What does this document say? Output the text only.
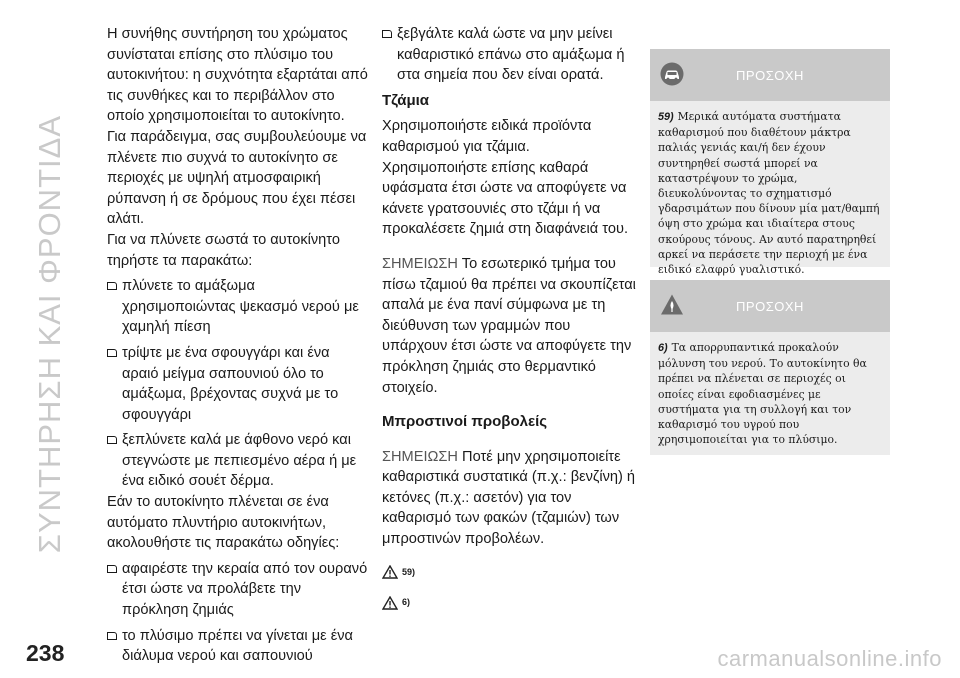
ΣΥΝΤΗΡΗΣΗ ΚΑΙ ΦΡΟΝΤΙΔΑ

Η συνήθης συντήρηση του χρώματος συνίσταται επίσης στο πλύσιμο του αυτοκινήτου: η συχνότητα εξαρτάται από τις συνθήκες και το περιβάλλον στο οποίο χρησιμοποιείται το αυτοκίνητο.

Για παράδειγμα, σας συμβουλεύουμε να πλένετε πιο συχνά το αυτοκίνητο σε περιοχές με υψηλή ατμοσφαιρική ρύπανση ή σε δρόμους που έχει πέσει αλάτι.

Για να πλύνετε σωστά το αυτοκίνητο τηρήστε τα παρακάτω:

πλύνετε το αμάξωμα χρησιμοποιώντας ψεκασμό νερού με χαμηλή πίεση
τρίψτε με ένα σφουγγάρι και ένα αραιό μείγμα σαπουνιού όλο το αμάξωμα, βρέχοντας συχνά με το σφουγγάρι
ξεπλύνετε καλά με άφθονο νερό και στεγνώστε με πεπιεσμένο αέρα ή με ένα ειδικό σουέτ δέρμα.

Εάν το αυτοκίνητο πλένεται σε ένα αυτόματο πλυντήριο αυτοκινήτων, ακολουθήστε τις παρακάτω οδηγίες:

αφαιρέστε την κεραία από τον ουρανό έτσι ώστε να προλάβετε την πρόκληση ζημιάς
το πλύσιμο πρέπει να γίνεται με ένα διάλυμα νερού και σαπουνιού
ξεβγάλτε καλά ώστε να μην μείνει καθαριστικό επάνω στο αμάξωμα ή στα σημεία που δεν είναι ορατά.

Τζάμια

Χρησιμοποιήστε ειδικά προϊόντα καθαρισμού για τζάμια.

Χρησιμοποιήστε επίσης καθαρά υφάσματα έτσι ώστε να αποφύγετε να κάνετε γρατσουνιές στο τζάμι ή να προκαλέσετε ζημιά στη διαφάνειά του.

ΣΗΜΕΙΩΣΗ Το εσωτερικό τμήμα του πίσω τζαμιού θα πρέπει να σκουπίζεται απαλά με ένα πανί σύμφωνα με τη διεύθυνση των γραμμών που υπάρχουν έτσι ώστε να αποφύγετε την πρόκληση ζημιάς στο θερμαντικό στοιχείο.

Μπροστινοί προβολείς

ΣΗΜΕΙΩΣΗ Ποτέ μην χρησιμοποιείτε καθαριστικά συστατικά (π.χ.: βενζίνη) ή κετόνες (π.χ.: ασετόν) για τον καθαρισμό των φακών (τζαμιών) των μπροστινών προβολέων.

59)
6)
ΠΡΟΣΟΧΗ
59) Μερικά αυτόματα συστήματα καθαρισμού που διαθέτουν μάκτρα παλιάς γενιάς και/ή δεν έχουν συντηρηθεί σωστά μπορεί να καταστρέψουν το χρώμα, διευκολύνοντας το σχηματισμό γδαρσιμάτων που δίνουν μία ματ/θαμπή όψη στο χρώμα και ιδιαίτερα στους σκούρους τόνους. Αν αυτό παρατηρηθεί αρκεί να περάσετε την περιοχή με ένα ειδικό ελαφρύ γυαλιστικό.
ΠΡΟΣΟΧΗ
6) Τα απορρυπαντικά προκαλούν μόλυνση του νερού. Το αυτοκίνητο θα πρέπει να πλένεται σε περιοχές οι οποίες είναι εφοδιασμένες με συστήματα για τη συλλογή και τον καθαρισμό του υγρού που χρησιμοποιείται για το πλύσιμο.
238	carmanualsonline.info
